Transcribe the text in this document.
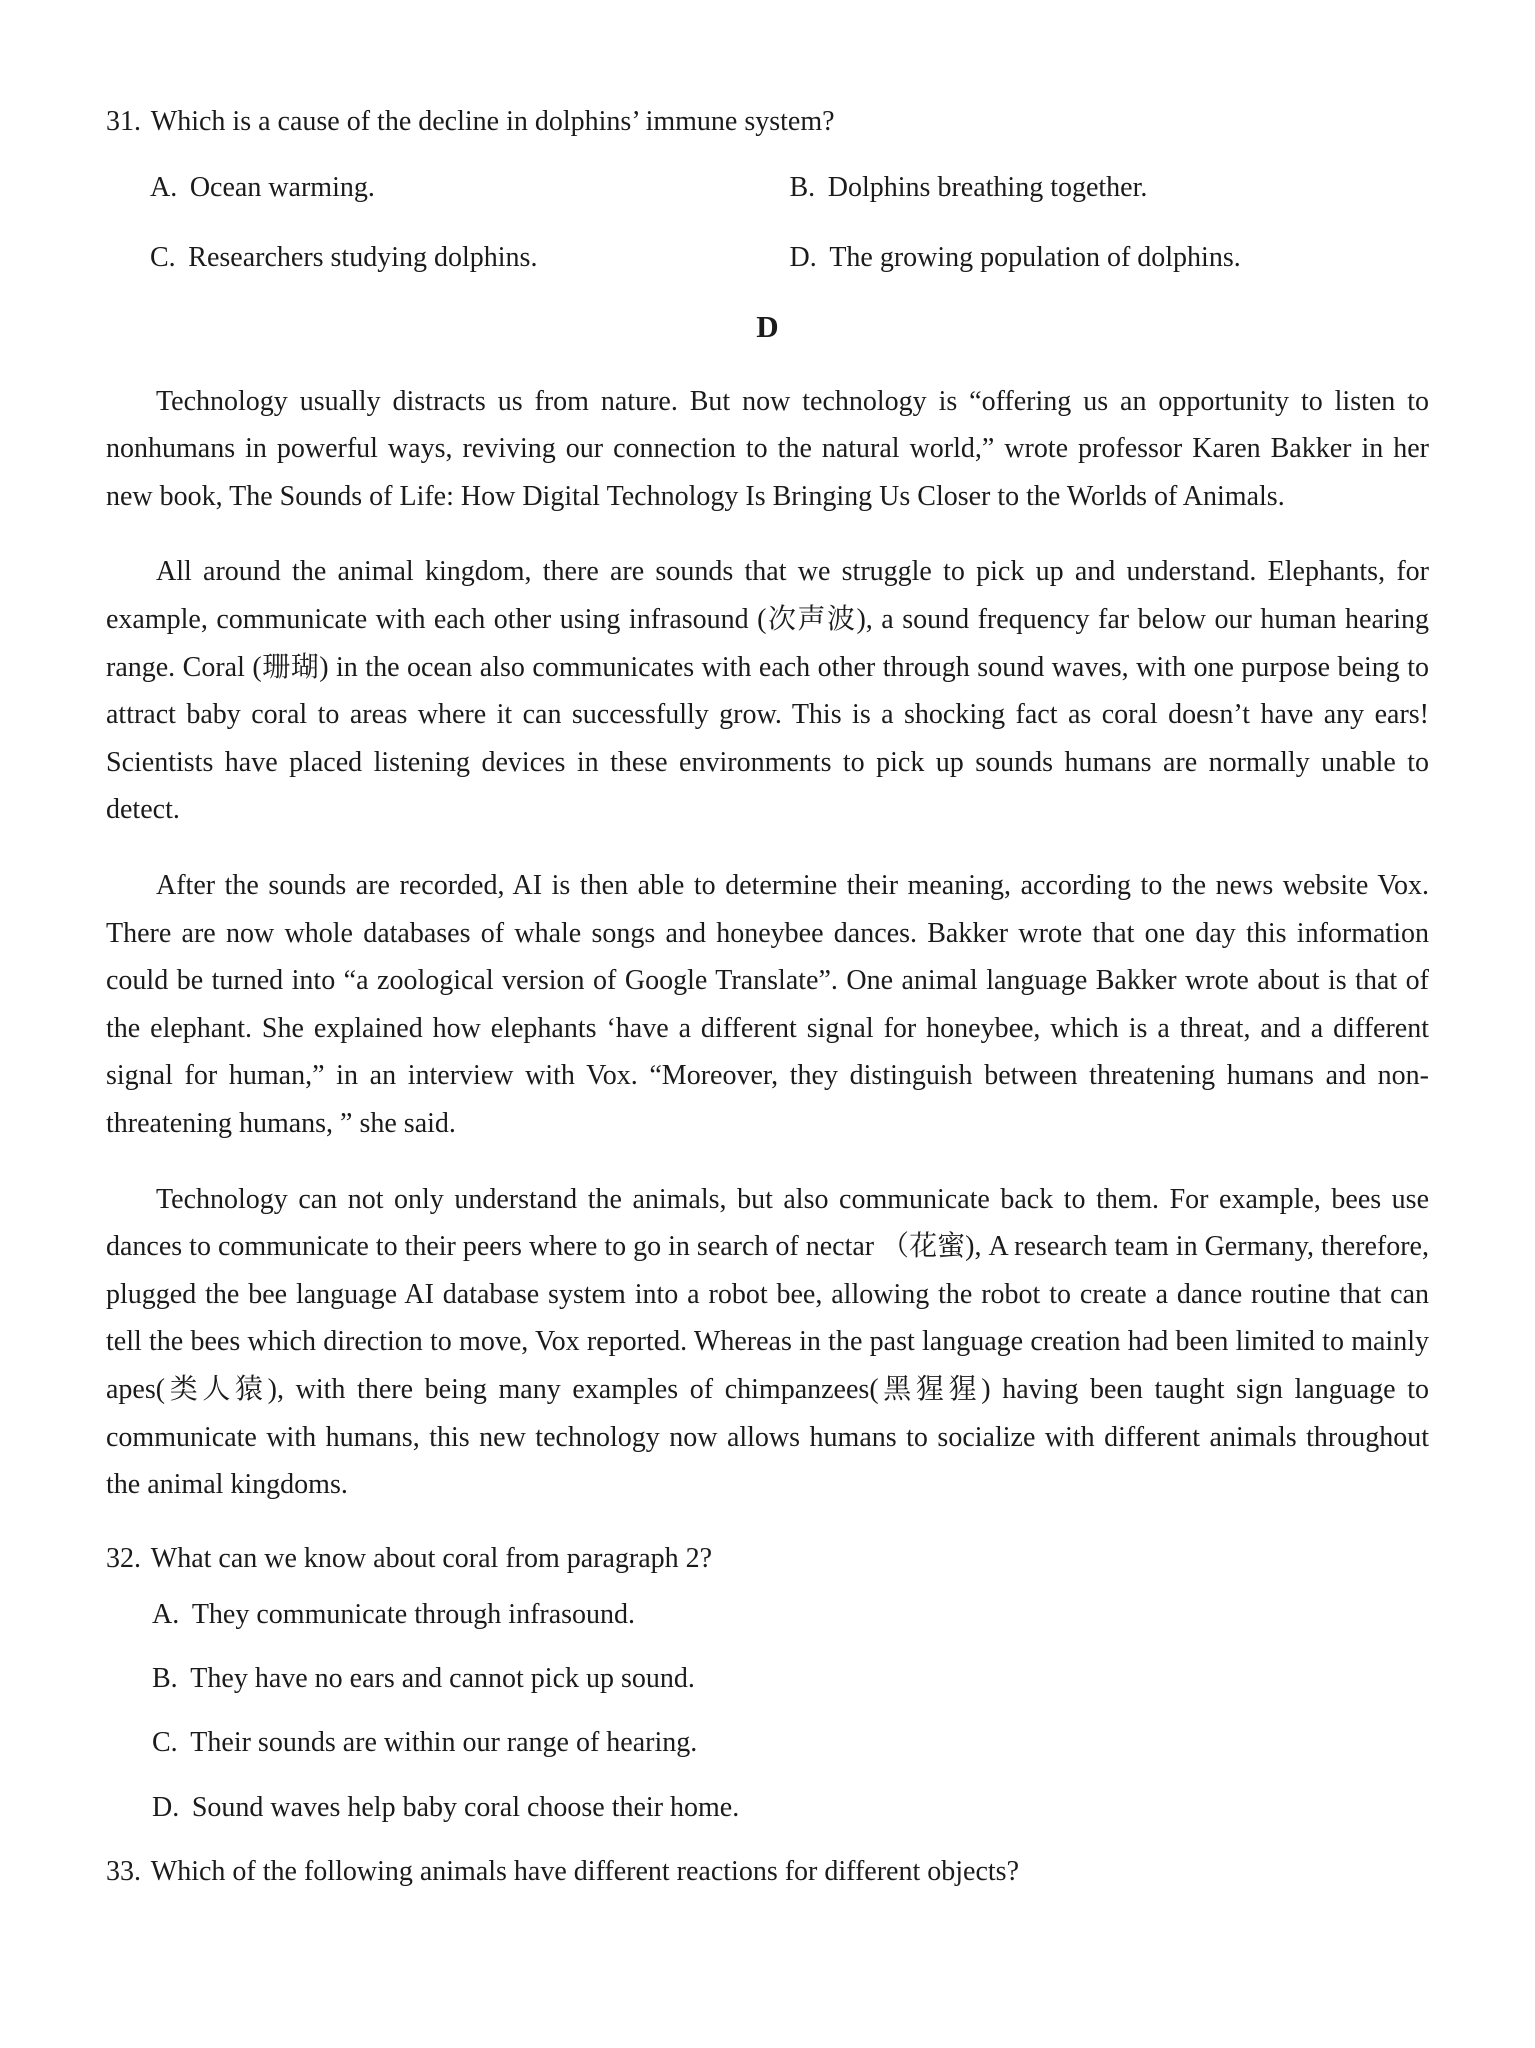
31. Which is a cause of the decline in dolphins’ immune system?
A. Ocean warming.	B. Dolphins breathing together.
C. Researchers studying dolphins.	D. The growing population of dolphins.
D

Technology usually distracts us from nature. But now technology is “offering us an opportunity to listen to nonhumans in powerful ways, reviving our connection to the natural world,” wrote professor Karen Bakker in her new book, The Sounds of Life: How Digital Technology Is Bringing Us Closer to the Worlds of Animals.

All around the animal kingdom, there are sounds that we struggle to pick up and understand. Elephants, for example, communicate with each other using infrasound (次声波), a sound frequency far below our human hearing range. Coral (珊瑚) in the ocean also communicates with each other through sound waves, with one purpose being to attract baby coral to areas where it can successfully grow. This is a shocking fact as coral doesn’t have any ears! Scientists have placed listening devices in these environments to pick up sounds humans are normally unable to detect.

After the sounds are recorded, AI is then able to determine their meaning, according to the news website Vox. There are now whole databases of whale songs and honeybee dances. Bakker wrote that one day this information could be turned into “a zoological version of Google Translate”. One animal language Bakker wrote about is that of the elephant. She explained how elephants ‘have a different signal for honeybee, which is a threat, and a different signal for human,” in an interview with Vox. “Moreover, they distinguish between threatening humans and non-threatening humans, ” she said.

Technology can not only understand the animals, but also communicate back to them. For example, bees use dances to communicate to their peers where to go in search of nectar （花蜜), A research team in Germany, therefore, plugged the bee language AI database system into a robot bee, allowing the robot to create a dance routine that can tell the bees which direction to move, Vox reported. Whereas in the past language creation had been limited to mainly apes(类人猿), with there being many examples of chimpanzees(黑猩猩) having been taught sign language to communicate with humans, this new technology now allows humans to socialize with different animals throughout the animal kingdoms.

32. What can we know about coral from paragraph 2?
A. They communicate through infrasound.
B. They have no ears and cannot pick up sound.
C. Their sounds are within our range of hearing.
D. Sound waves help baby coral choose their home.
33. Which of the following animals have different reactions for different objects?
